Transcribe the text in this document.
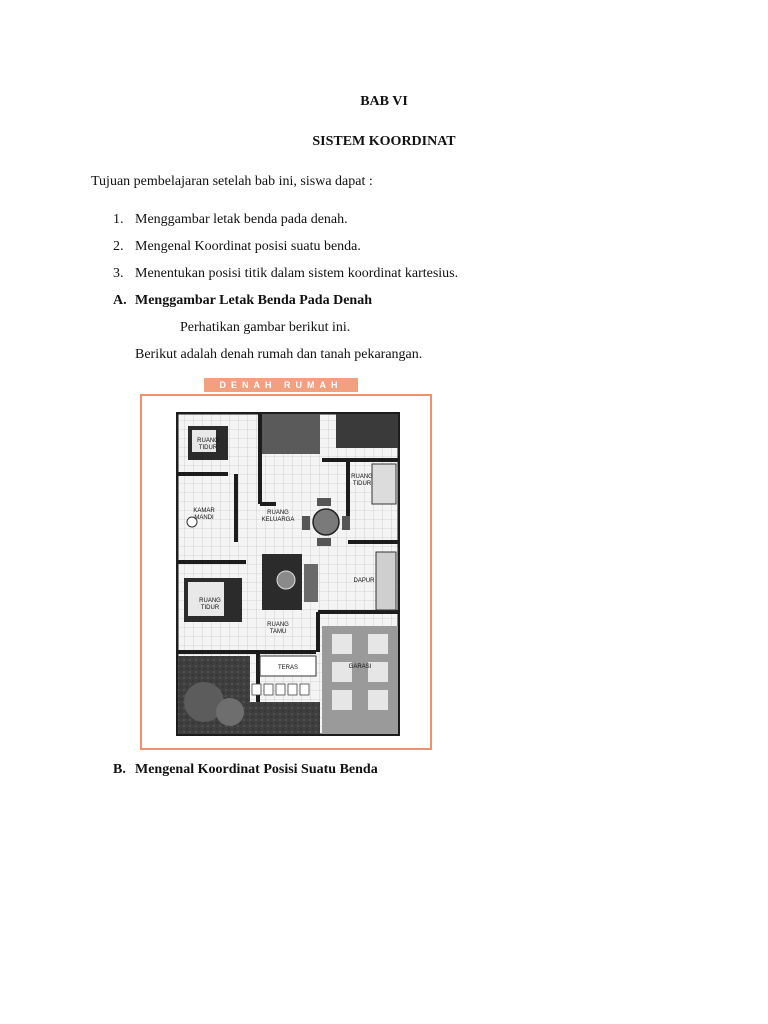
BAB VI
SISTEM KOORDINAT
Tujuan pembelajaran setelah bab ini, siswa dapat :
1. Menggambar letak benda pada denah.
2. Mengenal Koordinat posisi suatu benda.
3. Menentukan posisi titik dalam sistem koordinat kartesius.
A. Menggambar Letak Benda Pada Denah
Perhatikan gambar berikut ini.
Berikut adalah denah rumah dan tanah pekarangan.
DENAH RUMAH
RUANG
TIDUR
RUANG
TIDUR
KAMAR
MANDI
RUANG
KELUARGA
RUANG
TIDUR
DAPUR
RUANG
TAMU
TERAS	GARASI
B. Mengenal Koordinat Posisi Suatu Benda
